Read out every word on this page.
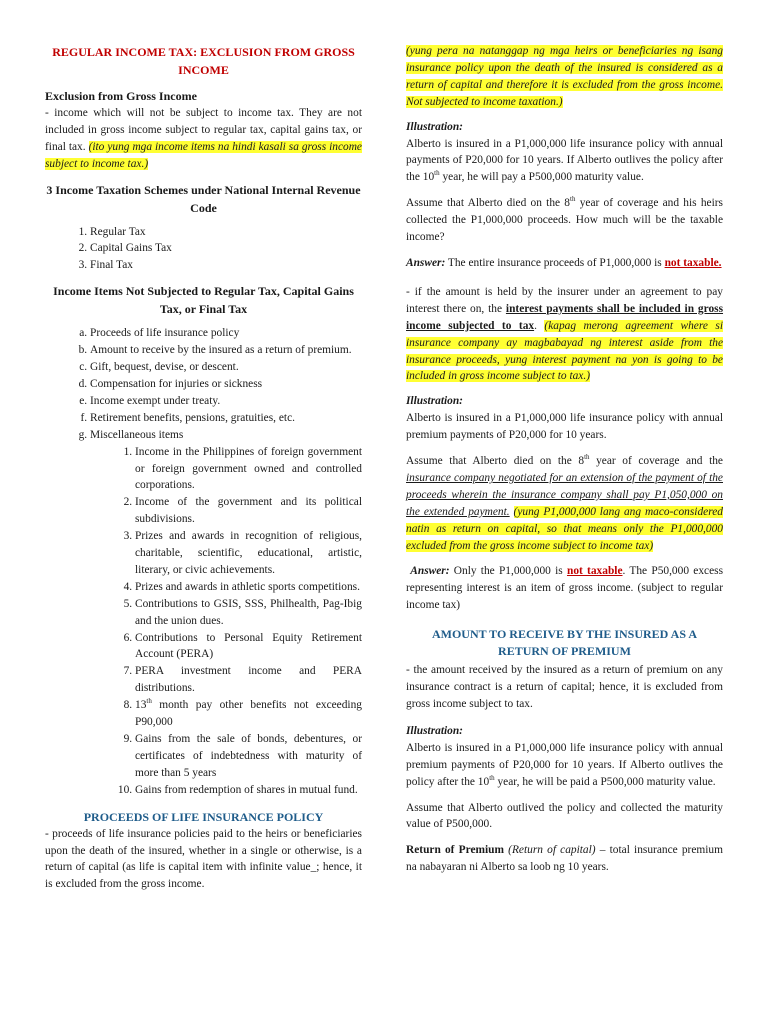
REGULAR INCOME TAX: EXCLUSION FROM GROSS INCOME
Exclusion from Gross Income

- income which will not be subject to income tax. They are not included in gross income subject to regular tax, capital gains tax, or final tax. (ito yung mga income items na hindi kasali sa gross income subject to income tax.)

3 Income Taxation Schemes under National Internal Revenue Code
1. Regular Tax
2. Capital Gains Tax
3. Final Tax
Income Items Not Subjected to Regular Tax, Capital Gains Tax, or Final Tax
a. Proceeds of life insurance policy
b. Amount to receive by the insured as a return of premium.
c. Gift, bequest, devise, or descent.
d. Compensation for injuries or sickness
e. Income exempt under treaty.
f. Retirement benefits, pensions, gratuities, etc.
g. Miscellaneous items
1. Income in the Philippines of foreign government or foreign government owned and controlled corporations.
2. Income of the government and its political subdivisions.
3. Prizes and awards in recognition of religious, charitable, scientific, educational, artistic, literary, or civic achievements.
4. Prizes and awards in athletic sports competitions.
5. Contributions to GSIS, SSS, Philhealth, Pag-Ibig and the union dues.
6. Contributions to Personal Equity Retirement Account (PERA)
7. PERA investment income and PERA distributions.
8. 13th month pay other benefits not exceeding P90,000
9. Gains from the sale of bonds, debentures, or certificates of indebtedness with maturity of more than 5 years
10. Gains from redemption of shares in mutual fund.
PROCEEDS OF LIFE INSURANCE POLICY

- proceeds of life insurance policies paid to the heirs or beneficiaries upon the death of the insured, whether in a single or otherwise, is a return of capital (as life is capital item with infinite value_; hence, it is excluded from the gross income.

(yung pera na natanggap ng mga heirs or beneficiaries ng isang insurance policy upon the death of the insured is considered as a return of capital and therefore it is excluded from the gross income. Not subjected to income taxation.)

Illustration:

Alberto is insured in a P1,000,000 life insurance policy with annual payments of P20,000 for 10 years. If Alberto outlives the policy after the 10th year, he will pay a P500,000 maturity value.

Assume that Alberto died on the 8th year of coverage and his heirs collected the P1,000,000 proceeds. How much will be the taxable income?

Answer: The entire insurance proceeds of P1,000,000 is not taxable.

- if the amount is held by the insurer under an agreement to pay interest there on, the interest payments shall be included in gross income subjected to tax. (kapag merong agreement where si insurance company ay magbabayad ng interest aside from the insurance proceeds, yung interest payment na yon is going to be included in gross income subject to tax.)

Illustration:

Alberto is insured in a P1,000,000 life insurance policy with annual premium payments of P20,000 for 10 years.

Assume that Alberto died on the 8th year of coverage and the insurance company negotiated for an extension of the payment of the proceeds wherein the insurance company shall pay P1,050,000 on the extended payment. (yung P1,000,000 lang ang maco-considered natin as return on capital, so that means only the P1,000,000 excluded from the gross income subject to income tax)

Answer: Only the P1,000,000 is not taxable. The P50,000 excess representing interest is an item of gross income. (subject to regular income tax)

AMOUNT TO RECEIVE BY THE INSURED AS A RETURN OF PREMIUM

- the amount received by the insured as a return of premium on any insurance contract is a return of capital; hence, it is excluded from gross income subject to tax.

Illustration:

Alberto is insured in a P1,000,000 life insurance policy with annual premium payments of P20,000 for 10 years. If Alberto outlives the policy after the 10th year, he will be paid a P500,000 maturity value.

Assume that Alberto outlived the policy and collected the maturity value of P500,000.

Return of Premium (Return of capital) – total insurance premium na nabayaran ni Alberto sa loob ng 10 years.
